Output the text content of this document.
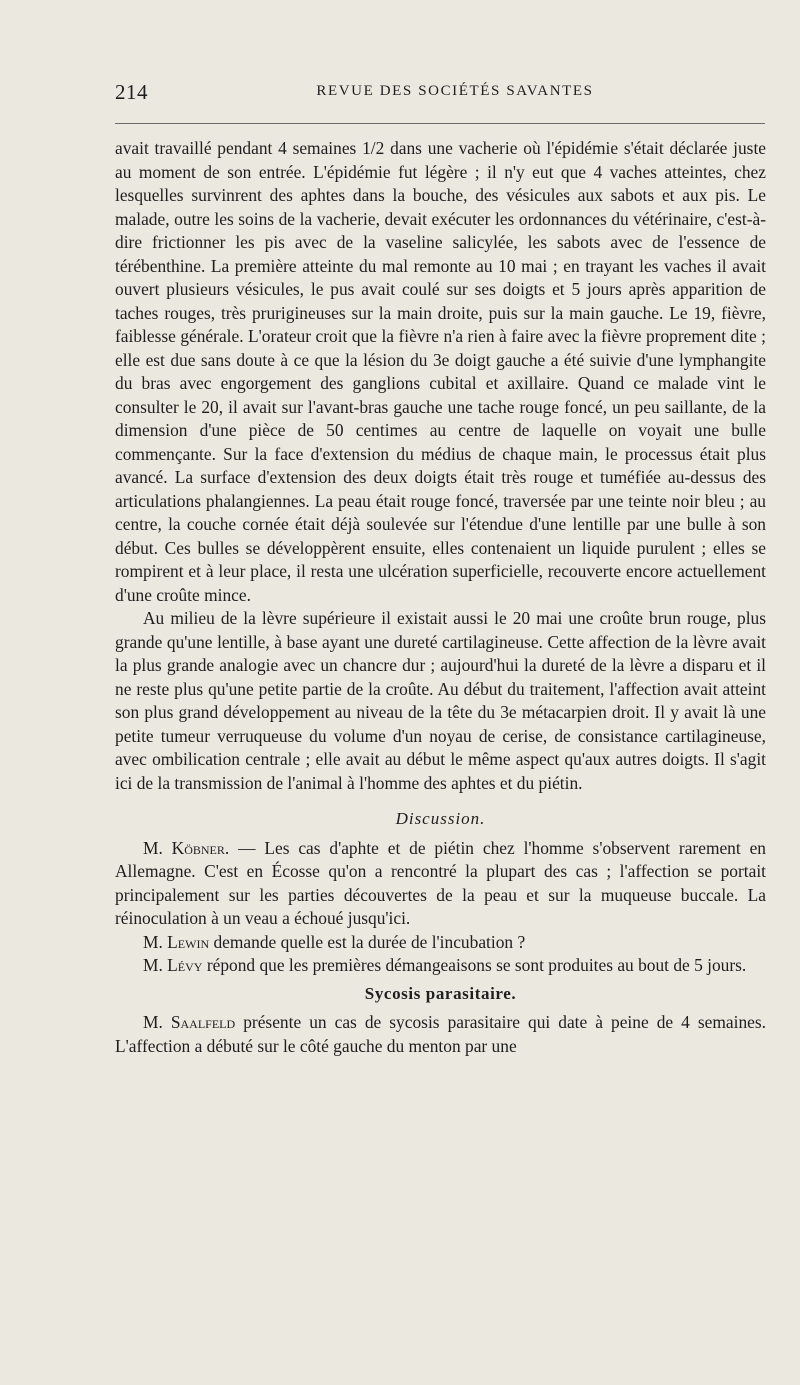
214	REVUE DES SOCIÉTÉS SAVANTES

avait travaillé pendant 4 semaines 1/2 dans une vacherie où l'épidémie s'était déclarée juste au moment de son entrée. L'épidémie fut légère ; il n'y eut que 4 vaches atteintes, chez lesquelles survinrent des aphtes dans la bouche, des vésicules aux sabots et aux pis. Le malade, outre les soins de la vacherie, devait exécuter les ordonnances du vétérinaire, c'est-à-dire frictionner les pis avec de la vaseline salicylée, les sabots avec de l'essence de térébenthine. La première atteinte du mal remonte au 10 mai ; en trayant les vaches il avait ouvert plusieurs vésicules, le pus avait coulé sur ses doigts et 5 jours après apparition de taches rouges, très prurigineuses sur la main droite, puis sur la main gauche. Le 19, fièvre, faiblesse générale. L'orateur croit que la fièvre n'a rien à faire avec la fièvre proprement dite ; elle est due sans doute à ce que la lésion du 3e doigt gauche a été suivie d'une lymphangite du bras avec engorgement des ganglions cubital et axillaire. Quand ce malade vint le consulter le 20, il avait sur l'avant-bras gauche une tache rouge foncé, un peu saillante, de la dimension d'une pièce de 50 centimes au centre de laquelle on voyait une bulle commençante. Sur la face d'extension du médius de chaque main, le processus était plus avancé. La surface d'extension des deux doigts était très rouge et tuméfiée au-dessus des articulations phalangiennes. La peau était rouge foncé, traversée par une teinte noir bleu ; au centre, la couche cornée était déjà soulevée sur l'étendue d'une lentille par une bulle à son début. Ces bulles se développèrent ensuite, elles contenaient un liquide purulent ; elles se rompirent et à leur place, il resta une ulcération superficielle, recouverte encore actuellement d'une croûte mince.

Au milieu de la lèvre supérieure il existait aussi le 20 mai une croûte brun rouge, plus grande qu'une lentille, à base ayant une dureté cartilagineuse. Cette affection de la lèvre avait la plus grande analogie avec un chancre dur ; aujourd'hui la dureté de la lèvre a disparu et il ne reste plus qu'une petite partie de la croûte. Au début du traitement, l'affection avait atteint son plus grand développement au niveau de la tête du 3e métacarpien droit. Il y avait là une petite tumeur verruqueuse du volume d'un noyau de cerise, de consistance cartilagineuse, avec ombilication centrale ; elle avait au début le même aspect qu'aux autres doigts. Il s'agit ici de la transmission de l'animal à l'homme des aphtes et du piétin.

Discussion.

M. Köbner. — Les cas d'aphte et de piétin chez l'homme s'observent rarement en Allemagne. C'est en Écosse qu'on a rencontré la plupart des cas ; l'affection se portait principalement sur les parties découvertes de la peau et sur la muqueuse buccale. La réinoculation à un veau a échoué jusqu'ici.

M. Lewin demande quelle est la durée de l'incubation ?

M. Lévy répond que les premières démangeaisons se sont produites au bout de 5 jours.

Sycosis parasitaire.

M. Saalfeld présente un cas de sycosis parasitaire qui date à peine de 4 semaines. L'affection a débuté sur le côté gauche du menton par une
